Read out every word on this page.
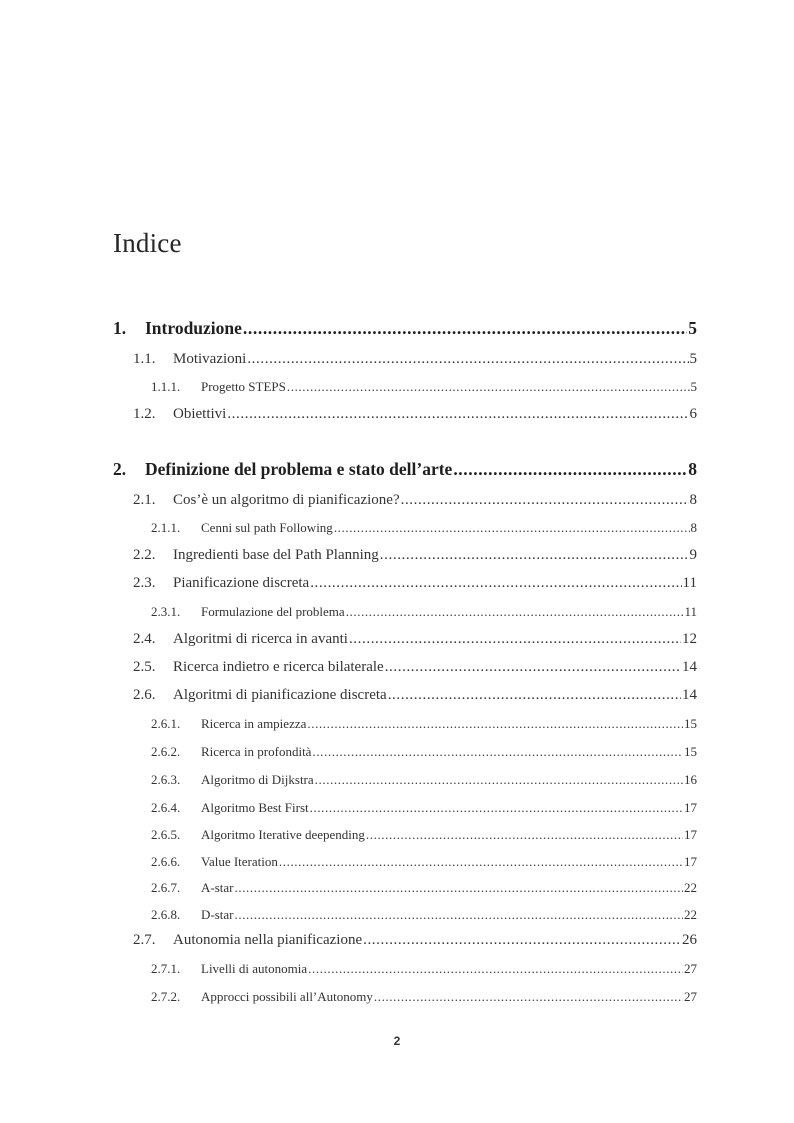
Indice
1.	Introduzione .....	5
1.1.	Motivazioni .....	5
1.1.1.	Progetto STEPS .....	5
1.2.	Obiettivi .....	6
2.	Definizione del problema e stato dell’arte .....	8
2.1.	Cos’è un algoritmo di pianificazione? .....	8
2.1.1.	Cenni sul path Following .....	8
2.2.	Ingredienti base del Path Planning .....	9
2.3.	Pianificazione discreta .....	11
2.3.1.	Formulazione del problema .....	11
2.4.	Algoritmi di ricerca in avanti .....	12
2.5.	Ricerca indietro e ricerca bilaterale .....	14
2.6.	Algoritmi di pianificazione discreta .....	14
2.6.1.	Ricerca in ampiezza .....	15
2.6.2.	Ricerca in profondità .....	15
2.6.3.	Algoritmo di Dijkstra .....	16
2.6.4.	Algoritmo Best First .....	17
2.6.5.	Algoritmo Iterative deepending .....	17
2.6.6.	Value Iteration .....	17
2.6.7.	A-star .....	22
2.6.8.	D-star .....	22
2.7.	Autonomia nella pianificazione .....	26
2.7.1.	Livelli di autonomia .....	27
2.7.2.	Approcci possibili all’Autonomy .....	27
2
